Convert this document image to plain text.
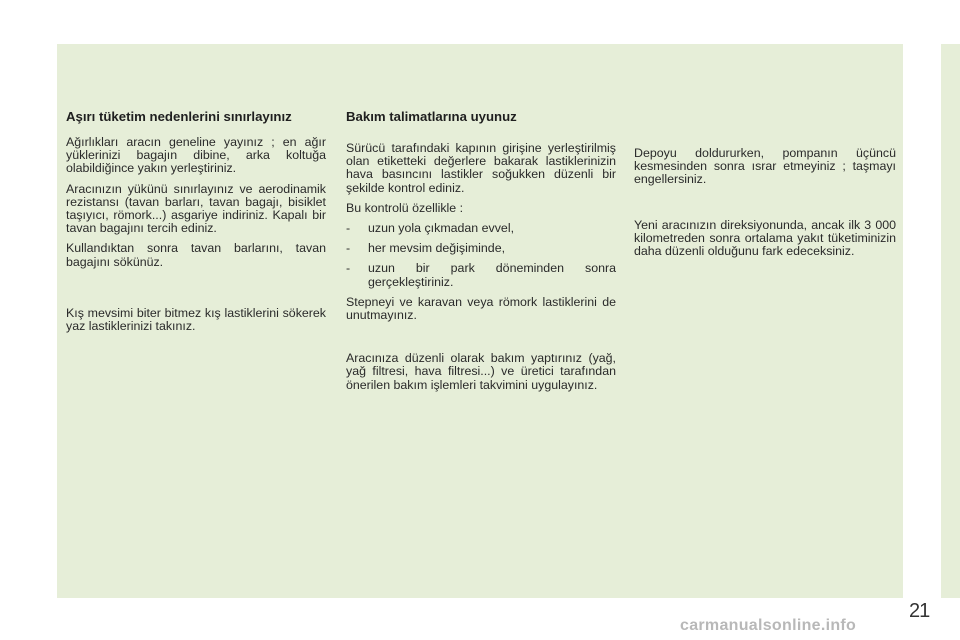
Aşırı tüketim nedenlerini sınırlayınız

Ağırlıkları aracın geneline yayınız ; en ağır yüklerinizi bagajın dibine, arka koltuğa olabildiğince yakın yerleştiriniz.

Aracınızın yükünü sınırlayınız ve aerodinamik rezistansı (tavan barları, tavan bagajı, bisiklet taşıyıcı, römork...) asgariye indiriniz. Kapalı bir tavan bagajını tercih ediniz.

Kullandıktan sonra tavan barlarını, tavan bagajını sökünüz.

Kış mevsimi biter bitmez kış lastiklerini sökerek yaz lastiklerinizi takınız.

Bakım talimatlarına uyunuz

Sürücü tarafındaki kapının girişine yerleştirilmiş olan etiketteki değerlere bakarak lastiklerinizin hava basıncını lastikler soğukken düzenli bir şekilde kontrol ediniz.

Bu kontrolü özellikle :

- uzun yola çıkmadan evvel,
- her mevsim değişiminde,
- uzun bir park döneminden sonra gerçekleştiriniz.

Stepneyi ve karavan veya römork lastiklerini de unutmayınız.

Aracınıza düzenli olarak bakım yaptırınız (yağ, yağ filtresi, hava filtresi...) ve üretici tarafından önerilen bakım işlemleri takvimini uygulayınız.

Depoyu doldururken, pompanın üçüncü kesmesinden sonra ısrar etmeyiniz ; taşmayı engellersiniz.

Yeni aracınızın direksiyonunda, ancak ilk 3 000 kilometreden sonra ortalama yakıt tüketiminizin daha düzenli olduğunu fark edeceksiniz.

21
carmanualsonline.info
